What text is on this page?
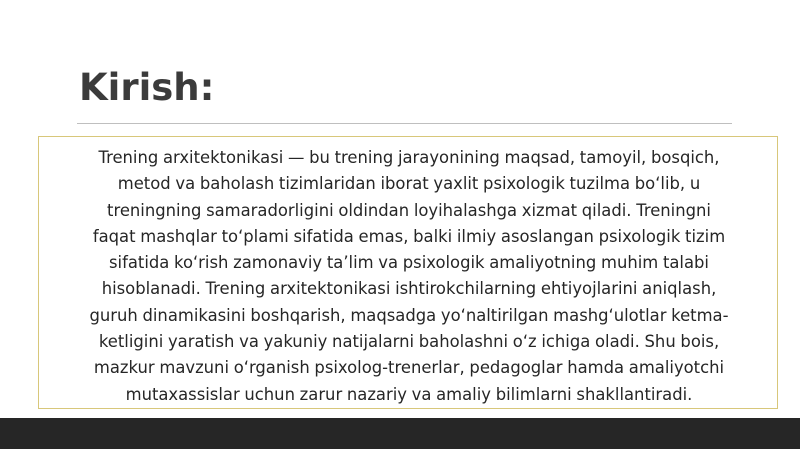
Kirish:

Trening arxitektonikasi — bu trening jarayonining maqsad, tamoyil, bosqich,
metod va baholash tizimlaridan iborat yaxlit psixologik tuzilma bo‘lib, u
treningning samaradorligini oldindan loyihalashga xizmat qiladi. Treningni
faqat mashqlar to‘plami sifatida emas, balki ilmiy asoslangan psixologik tizim
sifatida ko‘rish zamonaviy ta’lim va psixologik amaliyotning muhim talabi
hisoblanadi. Trening arxitektonikasi ishtirokchilarning ehtiyojlarini aniqlash,
guruh dinamikasini boshqarish, maqsadga yo‘naltirilgan mashg‘ulotlar ketma-
ketligini yaratish va yakuniy natijalarni baholashni o‘z ichiga oladi. Shu bois,
mazkur mavzuni o‘rganish psixolog-trenerlar, pedagoglar hamda amaliyotchi
mutaxassislar uchun zarur nazariy va amaliy bilimlarni shakllantiradi.
